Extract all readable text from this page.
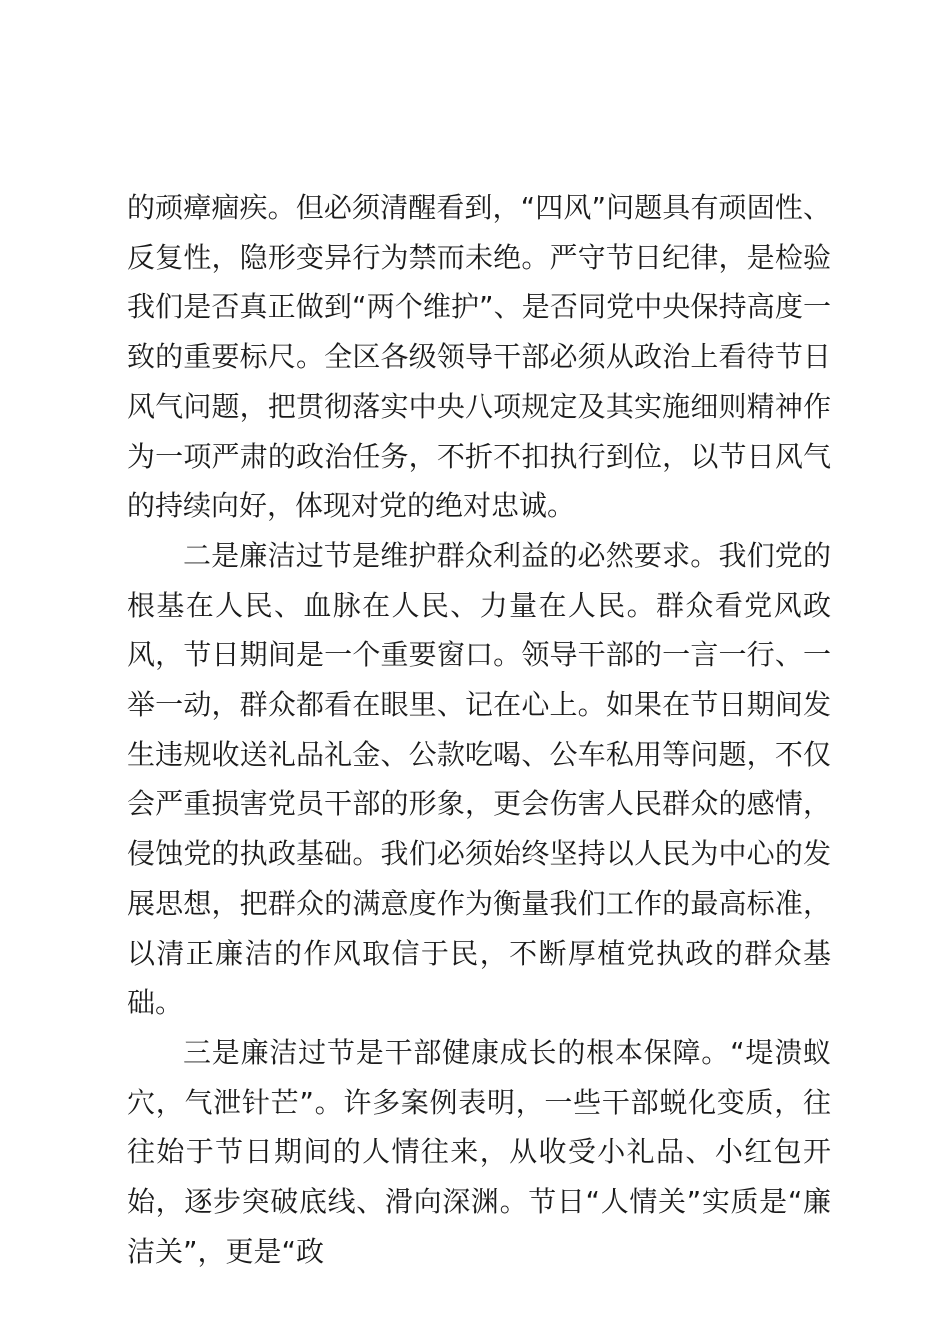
的顽瘴痼疾。但必须清醒看到，“四风”问题具有顽固性、反复性，隐形变异行为禁而未绝。严守节日纪律，是检验我们是否真正做到“两个维护”、是否同党中央保持高度一致的重要标尺。全区各级领导干部必须从政治上看待节日风气问题，把贯彻落实中央八项规定及其实施细则精神作为一项严肃的政治任务，不折不扣执行到位，以节日风气的持续向好，体现对党的绝对忠诚。

二是廉洁过节是维护群众利益的必然要求。我们党的根基在人民、血脉在人民、力量在人民。群众看党风政风，节日期间是一个重要窗口。领导干部的一言一行、一举一动，群众都看在眼里、记在心上。如果在节日期间发生违规收送礼品礼金、公款吃喝、公车私用等问题，不仅会严重损害党员干部的形象，更会伤害人民群众的感情，侵蚀党的执政基础。我们必须始终坚持以人民为中心的发展思想，把群众的满意度作为衡量我们工作的最高标准，以清正廉洁的作风取信于民，不断厚植党执政的群众基础。

三是廉洁过节是干部健康成长的根本保障。“堤溃蚁穴，气泄针芒”。许多案例表明，一些干部蜕化变质，往往始于节日期间的人情往来，从收受小礼品、小红包开始，逐步突破底线、滑向深渊。节日“人情关”实质是“廉洁关”，更是“政
